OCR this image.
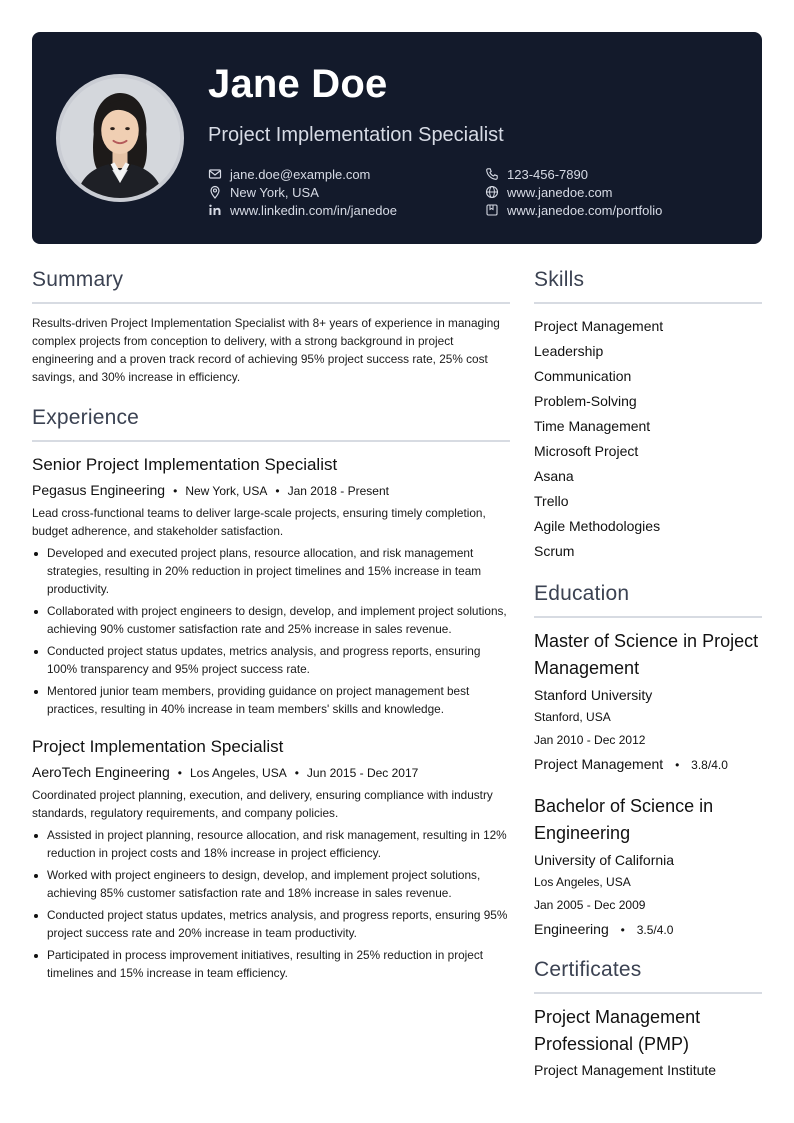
Jane Doe
Project Implementation Specialist
jane.doe@example.com
New York, USA
www.linkedin.com/in/janedoe
123-456-7890
www.janedoe.com
www.janedoe.com/portfolio
Summary

Results-driven Project Implementation Specialist with 8+ years of experience in managing complex projects from conception to delivery, with a strong background in project engineering and a proven track record of achieving 95% project success rate, 25% cost savings, and 30% increase in efficiency.

Experience
Senior Project Implementation Specialist
Pegasus Engineering • New York, USA • Jan 2018 - Present

Lead cross-functional teams to deliver large-scale projects, ensuring timely completion, budget adherence, and stakeholder satisfaction.

Developed and executed project plans, resource allocation, and risk management strategies, resulting in 20% reduction in project timelines and 15% increase in team productivity.
Collaborated with project engineers to design, develop, and implement project solutions, achieving 90% customer satisfaction rate and 25% increase in sales revenue.
Conducted project status updates, metrics analysis, and progress reports, ensuring 100% transparency and 95% project success rate.
Mentored junior team members, providing guidance on project management best practices, resulting in 40% increase in team members' skills and knowledge.
Project Implementation Specialist
AeroTech Engineering • Los Angeles, USA • Jun 2015 - Dec 2017

Coordinated project planning, execution, and delivery, ensuring compliance with industry standards, regulatory requirements, and company policies.

Assisted in project planning, resource allocation, and risk management, resulting in 12% reduction in project costs and 18% increase in project efficiency.
Worked with project engineers to design, develop, and implement project solutions, achieving 85% customer satisfaction rate and 18% increase in sales revenue.
Conducted project status updates, metrics analysis, and progress reports, ensuring 95% project success rate and 20% increase in team productivity.
Participated in process improvement initiatives, resulting in 25% reduction in project timelines and 15% increase in team efficiency.
Skills
Project Management
Leadership
Communication
Problem-Solving
Time Management
Microsoft Project
Asana
Trello
Agile Methodologies
Scrum
Education
Master of Science in Project Management
Stanford University
Stanford, USA
Jan 2010 - Dec 2012
Project Management • 3.8/4.0
Bachelor of Science in Engineering
University of California
Los Angeles, USA
Jan 2005 - Dec 2009
Engineering • 3.5/4.0
Certificates
Project Management Professional (PMP)
Project Management Institute
